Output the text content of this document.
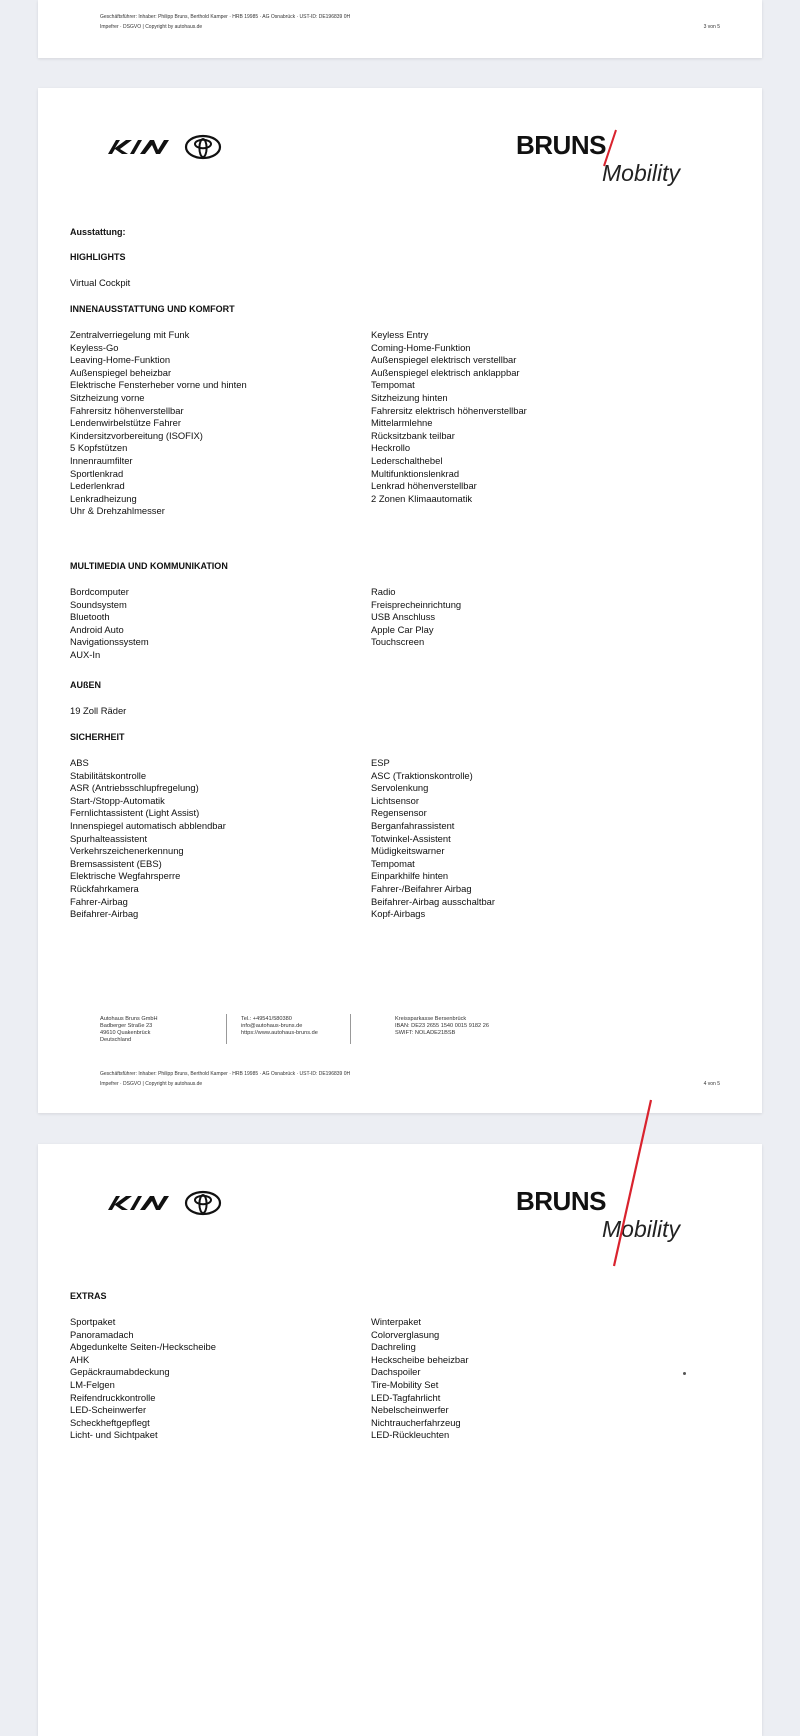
Geschäftsführer: Inhaber: Philipp Bruns, Berthold Kamper · HRB 19985 · AG Osnabrück · UST-ID: DE196839 0H
Impefrer · DSGVO | Copyright by autohaus.de	3 von 5
BRUNS
Mobility
Ausstattung:
HIGHLIGHTS
Virtual Cockpit
INNENAUSSTATTUNG UND KOMFORT
Zentralverriegelung mit Funk
Keyless-Go
Leaving-Home-Funktion
Außenspiegel beheizbar
Elektrische Fensterheber vorne und hinten
Sitzheizung vorne
Fahrersitz höhenverstellbar
Lendenwirbelstütze Fahrer
Kindersitzvorbereitung (ISOFIX)
5 Kopfstützen
Innenraumfilter
Sportlenkrad
Lederlenkrad
Lenkradheizung
Uhr & Drehzahlmesser
Keyless Entry
Coming-Home-Funktion
Außenspiegel elektrisch verstellbar
Außenspiegel elektrisch anklappbar
Tempomat
Sitzheizung hinten
Fahrersitz elektrisch höhenverstellbar
Mittelarmlehne
Rücksitzbank teilbar
Heckrollo
Lederschalthebel
Multifunktionslenkrad
Lenkrad höhenverstellbar
2 Zonen Klimaautomatik
MULTIMEDIA UND KOMMUNIKATION
Bordcomputer
Soundsystem
Bluetooth
Android Auto
Navigationssystem
AUX-In
Radio
Freisprecheinrichtung
USB Anschluss
Apple Car Play
Touchscreen
AUßEN
19 Zoll Räder
SICHERHEIT
ABS
Stabilitätskontrolle
ASR (Antriebsschlupfregelung)
Start-/Stopp-Automatik
Fernlichtassistent (Light Assist)
Innenspiegel automatisch abblendbar
Spurhalteassistent
Verkehrszeichenerkennung
Bremsassistent (EBS)
Elektrische Wegfahrsperre
Rückfahrkamera
Fahrer-Airbag
Beifahrer-Airbag
ESP
ASC (Traktionskontrolle)
Servolenkung
Lichtsensor
Regensensor
Berganfahrassistent
Totwinkel-Assistent
Müdigkeitswarner
Tempomat
Einparkhilfe hinten
Fahrer-/Beifahrer Airbag
Beifahrer-Airbag ausschaltbar
Kopf-Airbags
Autohaus Bruns GmbH
Badberger Straße 23
49610 Quakenbrück
Deutschland
Tel.: +49541/580380
info@autohaus-bruns.de
https://www.autohaus-bruns.de
Kreissparkasse Bersenbrück
IBAN: DE23 2655 1540 0015 9182 26
SWIFT: NOLADE21BSB
Geschäftsführer: Inhaber: Philipp Bruns, Berthold Kamper · HRB 19985 · AG Osnabrück · UST-ID: DE196839 0H
Impefrer · DSGVO | Copyright by autohaus.de	4 von 5
BRUNS
Mobility
EXTRAS
Sportpaket
Panoramadach
Abgedunkelte Seiten-/Heckscheibe
AHK
Gepäckraumabdeckung
LM-Felgen
Reifendruckkontrolle
LED-Scheinwerfer
Scheckheftgepflegt
Licht- und Sichtpaket
Winterpaket
Colorverglasung
Dachreling
Heckscheibe beheizbar
Dachspoiler
Tire-Mobility Set
LED-Tagfahrlicht
Nebelscheinwerfer
Nichtraucherfahrzeug
LED-Rückleuchten
